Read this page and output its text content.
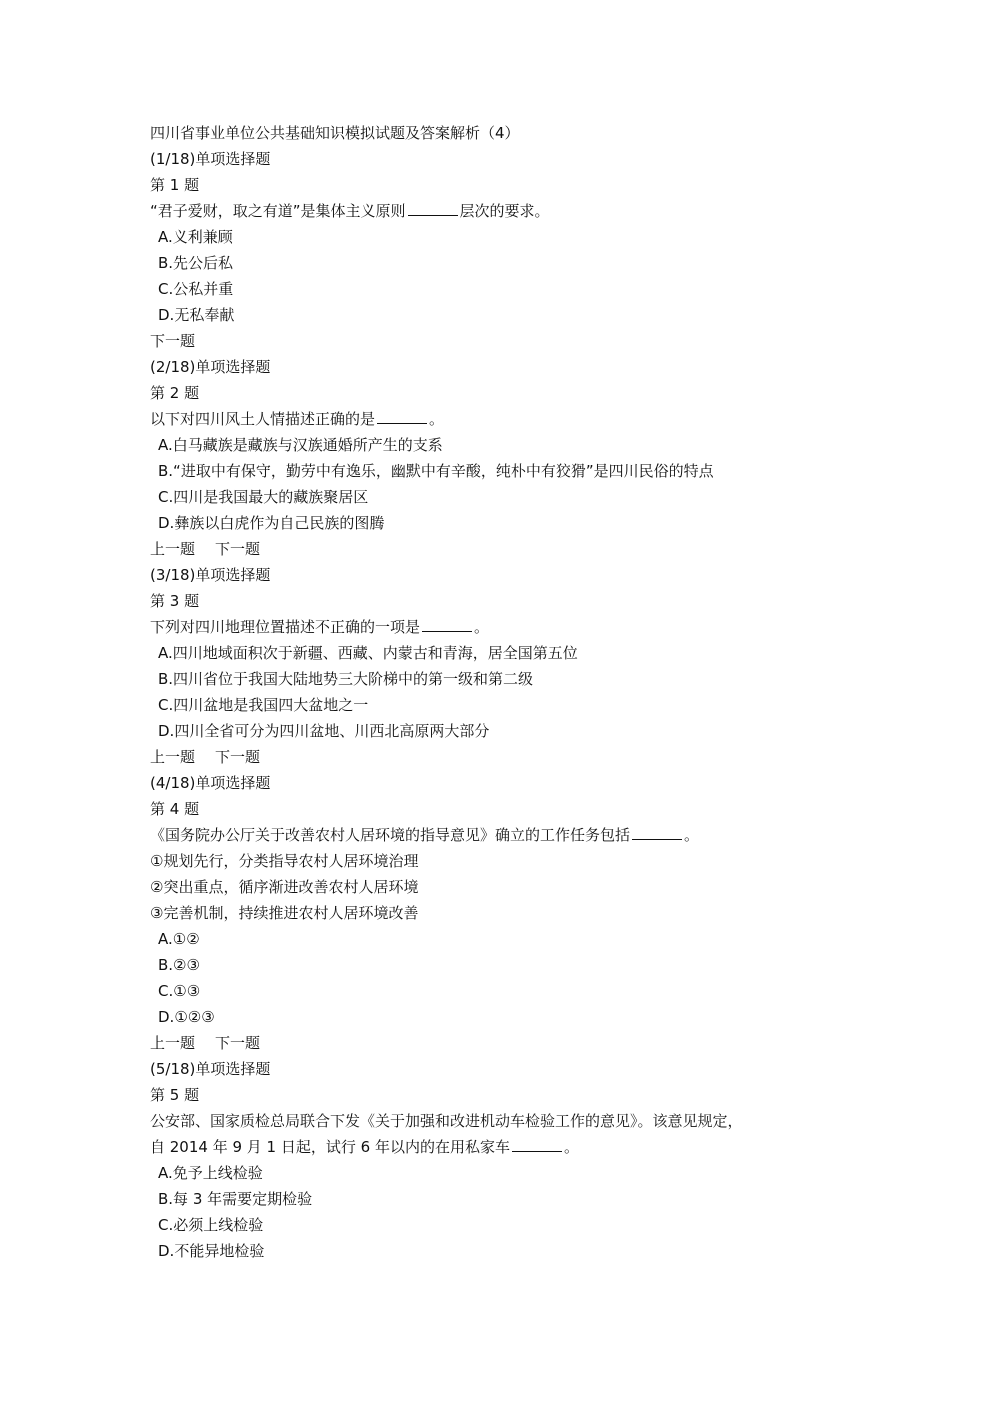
四川省事业单位公共基础知识模拟试题及答案解析（4）
(1/18)单项选择题
第 1 题
“君子爱财，取之有道”是集体主义原则	层次的要求。
A.义利兼顾
B.先公后私
C.公私并重
D.无私奉献
下一题
(2/18)单项选择题
第 2 题
以下对四川风土人情描述正确的是	。
A.白马藏族是藏族与汉族通婚所产生的支系
B.“进取中有保守，勤劳中有逸乐，幽默中有辛酸，纯朴中有狡猾”是四川民俗的特点
C.四川是我国最大的藏族聚居区
D.彝族以白虎作为自己民族的图腾
上一题 下一题
(3/18)单项选择题
第 3 题
下列对四川地理位置描述不正确的一项是	。
A.四川地域面积次于新疆、西藏、内蒙古和青海，居全国第五位
B.四川省位于我国大陆地势三大阶梯中的第一级和第二级
C.四川盆地是我国四大盆地之一
D.四川全省可分为四川盆地、川西北高原两大部分
上一题 下一题
(4/18)单项选择题
第 4 题
《国务院办公厅关于改善农村人居环境的指导意见》确立的工作任务包括	。
①规划先行，分类指导农村人居环境治理
②突出重点，循序渐进改善农村人居环境
③完善机制，持续推进农村人居环境改善
A.①②
B.②③
C.①③
D.①②③
上一题 下一题
(5/18)单项选择题
第 5 题
公安部、国家质检总局联合下发《关于加强和改进机动车检验工作的意见》。该意见规定，
自 2014 年 9 月 1 日起，试行 6 年以内的在用私家车	。
A.免予上线检验
B.每 3 年需要定期检验
C.必须上线检验
D.不能异地检验
